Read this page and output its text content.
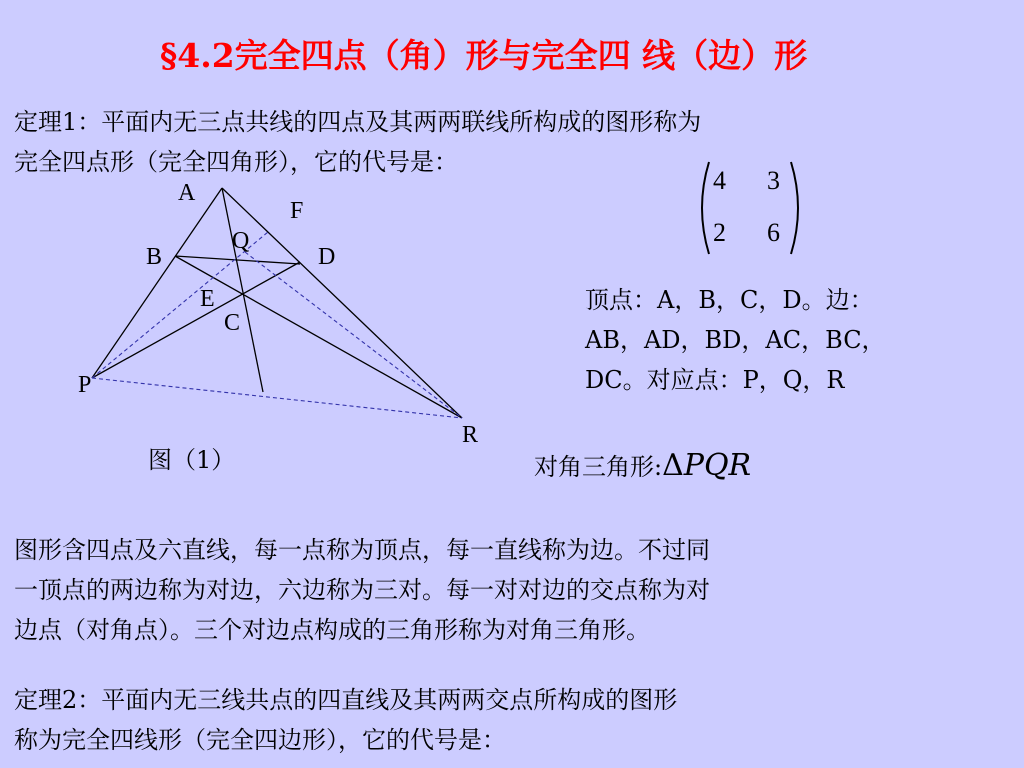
§4.2完全四点（角）形与完全四 线（边）形
定理1：平面内无三点共线的四点及其两两联线所构成的图形称为
完全四点形（完全四角形），它的代号是：
4 3
2 6
A
F
Q
B	D
E
C
P
R
图（1）
顶点：A，B，C，D。边：
AB，AD，BD，AC，BC，
DC。对应点：P，Q，R
对角三角形:ΔPQR
图形含四点及六直线，每一点称为顶点，每一直线称为边。不过同
一顶点的两边称为对边，六边称为三对。每一对对边的交点称为对
边点（对角点）。三个对边点构成的三角形称为对角三角形。
定理2：平面内无三线共点的四直线及其两两交点所构成的图形
称为完全四线形（完全四边形），它的代号是：
